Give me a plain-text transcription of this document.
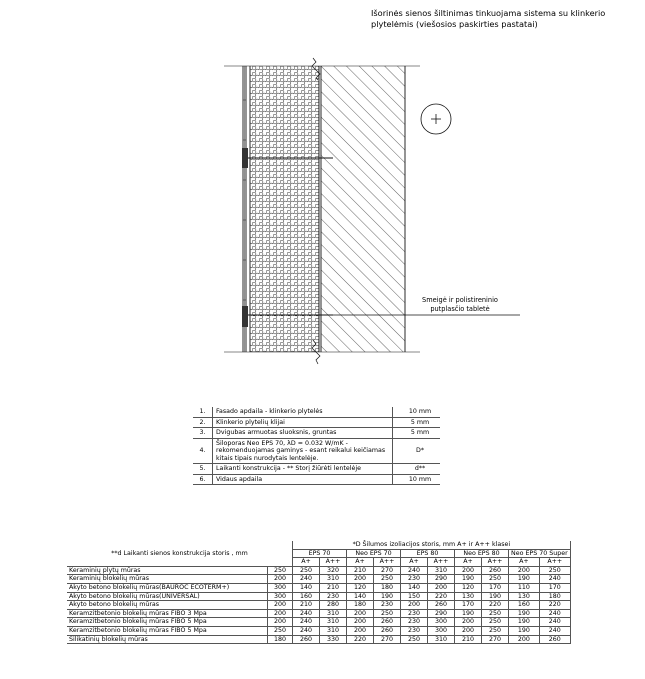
Išorinės sienos šiltinimas tinkuojama sistema su klinkerio
plytelėmis (viešosios paskirties pastatai)
Smeigė ir polistireninio
putplasčio tabletė
1.	Fasado apdaila - klinkerio plytelės	10 mm
2.	Klinkerio plytelių klijai	5 mm
3.	Dvigubas armuotas sluoksnis, gruntas	5 mm
4.	Šiloporas Neo EPS 70, λD = 0.032 W/mK - rekomenduojamas gaminys - esant reikalui keičiamas kitais tipais nurodytais lentelėje.	D*
5.	Laikanti konstrukcija - ** Storį žiūrėti lentelėje	d**
6.	Vidaus apdaila	10 mm
**d Laikanti sienos konstrukcija storis , mm		*D Šilumos izoliacijos storis, mm A+ ir A++ klasei									
		EPS 70		Neo EPS 70		EPS 80		Neo EPS 80		Neo EPS 70 Super	
		A+	A++	A+	A++	A+	A++	A+	A++	A+	A++
Keraminių plytų mūras	250	250	320	210	270	240	310	200	260	200	250
Keraminių blokelių mūras	200	240	310	200	250	230	290	190	250	190	240
Akyto betono blokelių mūras(BAUROC ECOTERM+)	300	140	210	120	180	140	200	120	170	110	170
Akyto betono blokelių mūras(UNIVERSAL)	300	160	230	140	190	150	220	130	190	130	180
Akyto betono blokelių mūras	200	210	280	180	230	200	260	170	220	160	220
Keramzitbetonio blokelių mūras FIBO 3 Mpa	200	240	310	200	250	230	290	190	250	190	240
Keramzitbetonio blokelių mūras FIBO 5 Mpa	200	240	310	200	260	230	300	200	250	190	240
Keramzitbetonio blokelių mūras FIBO 5 Mpa	250	240	310	200	260	230	300	200	250	190	240
Silikatinių blokelių mūras	180	260	330	220	270	250	310	210	270	200	260
